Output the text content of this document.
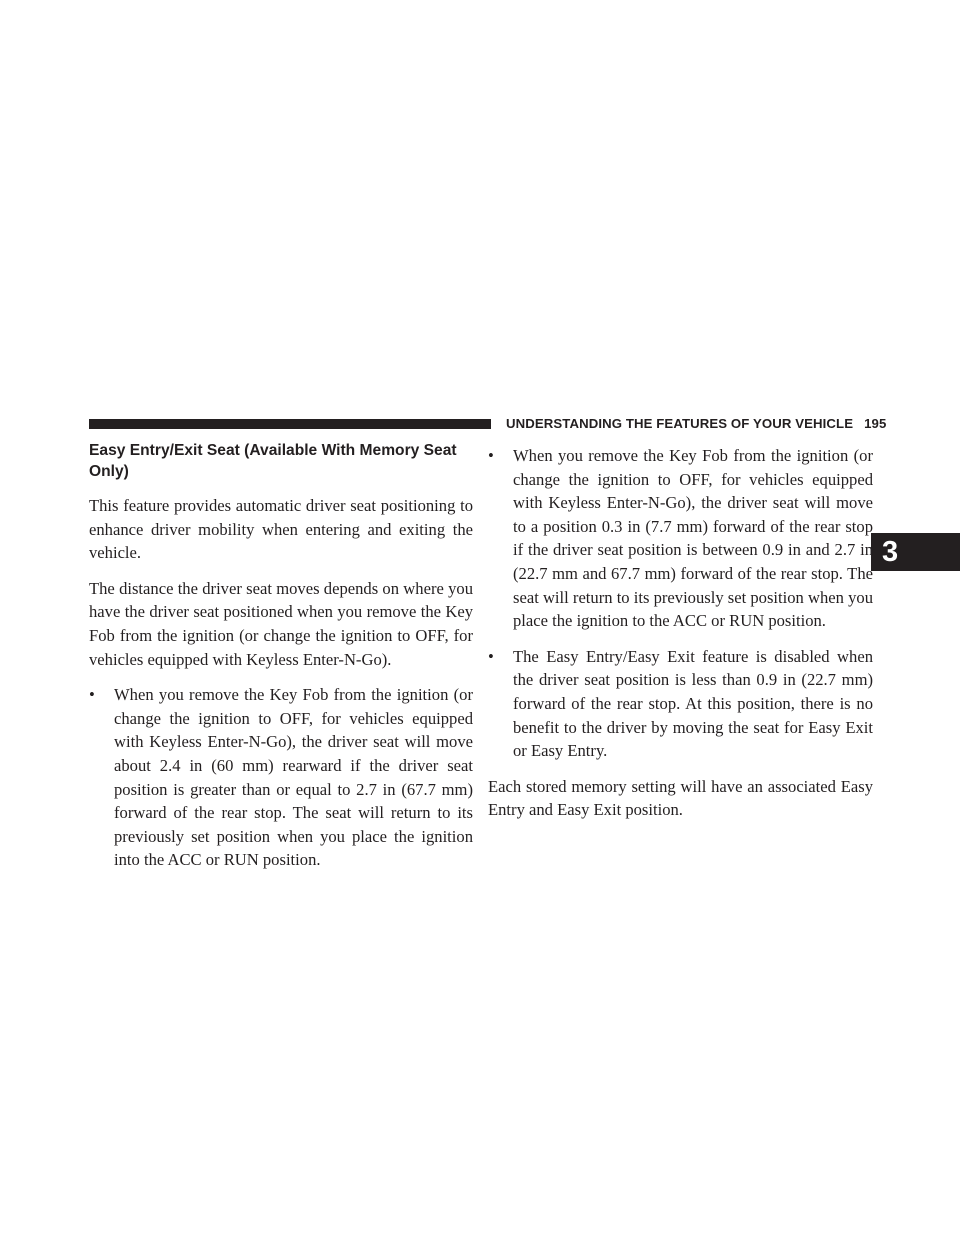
UNDERSTANDING THE FEATURES OF YOUR VEHICLE 195
3
Easy Entry/Exit Seat (Available With Memory Seat Only)

This feature provides automatic driver seat positioning to enhance driver mobility when entering and exiting the vehicle.

The distance the driver seat moves depends on where you have the driver seat positioned when you remove the Key Fob from the ignition (or change the ignition to OFF, for vehicles equipped with Keyless Enter-N-Go).

•	When you remove the Key Fob from the ignition (or change the ignition to OFF, for vehicles equipped with Keyless Enter-N-Go), the driver seat will move about 2.4 in (60 mm) rearward if the driver seat position is greater than or equal to 2.7 in (67.7 mm) forward of the rear stop. The seat will return to its previously set position when you place the ignition into the ACC or RUN position.
•	When you remove the Key Fob from the ignition (or change the ignition to OFF, for vehicles equipped with Keyless Enter-N-Go), the driver seat will move to a position 0.3 in (7.7 mm) forward of the rear stop if the driver seat position is between 0.9 in and 2.7 in (22.7 mm and 67.7 mm) forward of the rear stop. The seat will return to its previously set position when you place the ignition to the ACC or RUN position.
•	The Easy Entry/Easy Exit feature is disabled when the driver seat position is less than 0.9 in (22.7 mm) forward of the rear stop. At this position, there is no benefit to the driver by moving the seat for Easy Exit or Easy Entry.

Each stored memory setting will have an associated Easy Entry and Easy Exit position.
